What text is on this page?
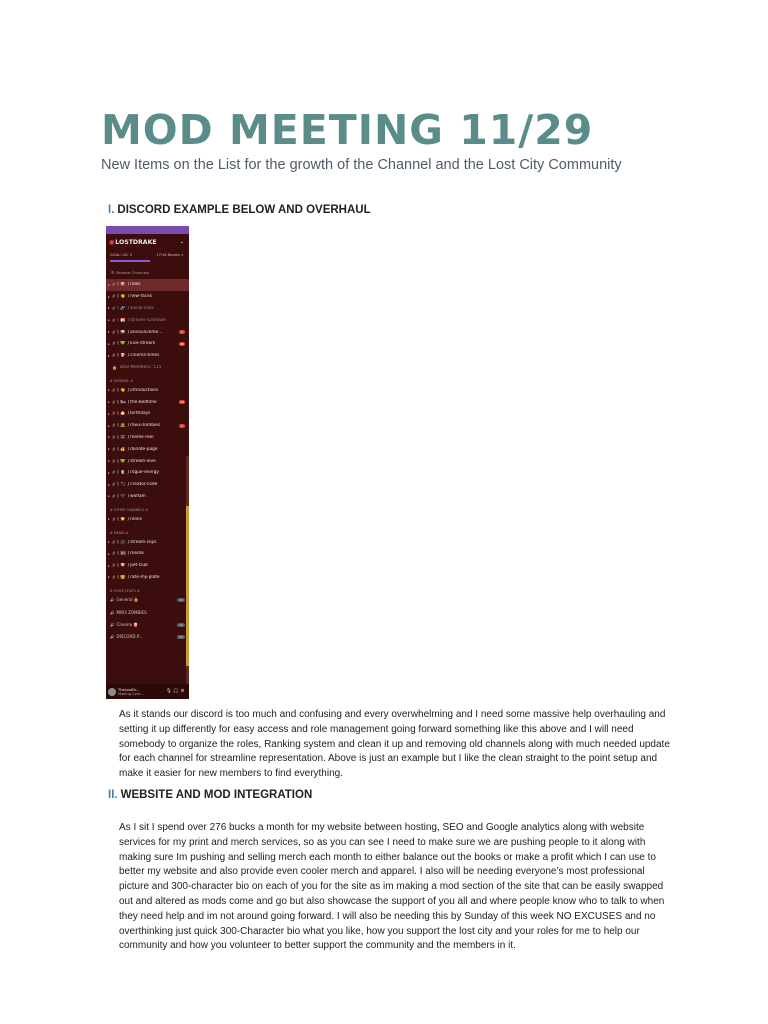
MOD MEETING 11/29
New Items on the List for the growth of the Channel and the Lost City Community
I. DISCORD EXAMPLE BELOW AND OVERHAUL
●LOSTDRAKE	⌄
GOAL: LVL 3	17/18 Boosts >
☰ Browse Channels
▸ # [ 🎯 ] roles
▸ # [ 👋 ] new-faces
▸ # [ 🔗 ] social-links
▸ # [ 📅 ] stream-schedule
▸ # [ 📢 ] announceme...	1
▸ # [ 💚 ] kick-stream	45
▸ # [ 🍿 ] cinema-times
🔒 Total Members: 515
# GENERAL #
▸ # [ 👋 ] introductions
▸ # [ 🛏 ] the-bedtime	54
▸ # [ 🎂 ] birthdays
▸ # [ 🧟 ] mw3-zombies	3
▸ # [ 🎬 ] meme-reel
▸ # [ 💰 ] donate-page
▸ # [ 💚 ] stream-love
▸ # [ 🥤 ] rogue-energy
▸ # [ 🏷 ] creator-code
▸ # [ 🖤 ] wolfam
# OTHER CHANNELS #
▸ # [ ⭐ ] ranks
# MEDIA #
▸ # [ 🎥 ] stream-clips
▸ # [ 🖼 ] media
▸ # [ 🐶 ] pet-club
▸ # [ 🍔 ] rate-my-plate
# VOICE CHATS #
🔊 General 🔒	00
🔊 MW3 ZOMBIES
🔊 Cinema 🍿	00
🔊 DISCORD P...	00
TheLostDr...
Making Cont...	🎙🎧⚙

As it stands our discord is too much and confusing and every overwhelming and I need some massive help overhauling and setting it up differently for easy access and role management going forward something like this above and I will need somebody to organize the roles, Ranking system and clean it up and removing old channels along with much needed update for each channel for streamline representation. Above is just an example but I like the clean straight to the point setup and make it easier for new members to find everything.

II. WEBSITE AND MOD INTEGRATION

As I sit I spend over 276 bucks a month for my website between hosting, SEO and Google analytics along with website services for my print and merch services, so as you can see I need to make sure we are pushing people to it along with making sure Im pushing and selling merch each month to either balance out the books or make a profit which I can use to better my website and also provide even cooler merch and apparel. I also will be needing everyone’s most professional picture and 300-character bio on each of you for the site as im making a mod section of the site that can be easily swapped out and altered as mods come and go but also showcase the support of you all and where people know who to talk to when they need help and im not around going forward. I will also be needing this by Sunday of this week NO EXCUSES and no overthinking just quick 300-Character bio what you like, how you support the lost city and your roles for me to help our community and how you volunteer to better support the community and the members in it.
